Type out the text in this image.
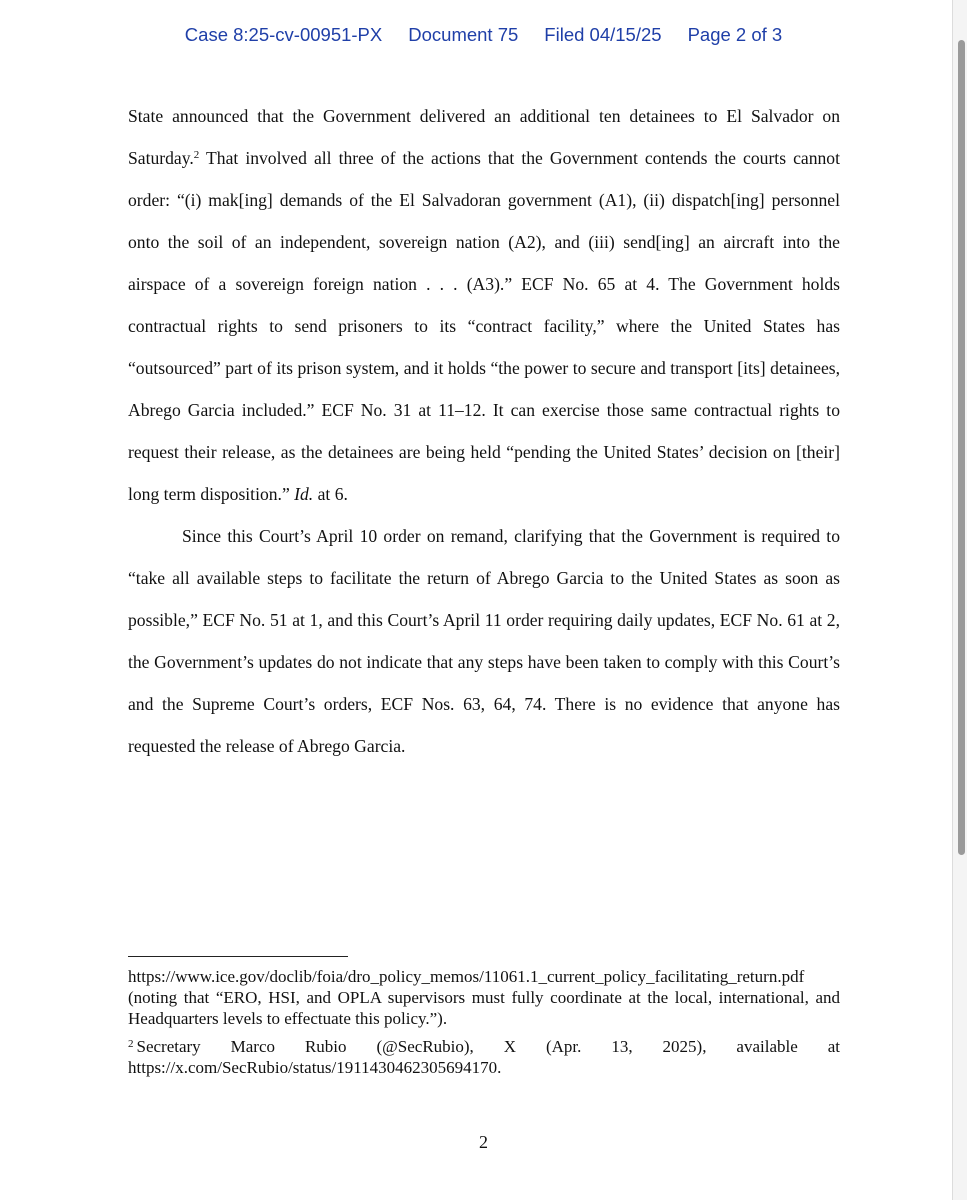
Case 8:25-cv-00951-PX Document 75 Filed 04/15/25 Page 2 of 3

State announced that the Government delivered an additional ten detainees to El Salvador on Saturday.$^2$ That involved all three of the actions that the Government contends the courts cannot order: “(i) mak[ing] demands of the El Salvadoran government (A1), (ii) dispatch[ing] personnel onto the soil of an independent, sovereign nation (A2), and (iii) send[ing] an aircraft into the airspace of a sovereign foreign nation . . . (A3).” ECF No. 65 at 4. The Government holds contractual rights to send prisoners to its “contract facility,” where the United States has “outsourced” part of its prison system, and it holds “the power to secure and transport [its] detainees, Abrego Garcia included.” ECF No. 31 at 11–12. It can exercise those same contractual rights to request their release, as the detainees are being held “pending the United States’ decision on [their] long term disposition.” Id. at 6.

Since this Court’s April 10 order on remand, clarifying that the Government is required to “take all available steps to facilitate the return of Abrego Garcia to the United States as soon as possible,” ECF No. 51 at 1, and this Court’s April 11 order requiring daily updates, ECF No. 61 at 2, the Government’s updates do not indicate that any steps have been taken to comply with this Court’s and the Supreme Court’s orders, ECF Nos. 63, 64, 74. There is no evidence that anyone has requested the release of Abrego Garcia.

https://www.ice.gov/doclib/foia/dro_policy_memos/11061.1_current_policy_facilitating_return.pdf (noting that “ERO, HSI, and OPLA supervisors must fully coordinate at the local, international, and Headquarters levels to effectuate this policy.”).

$^2$ Secretary Marco Rubio (@SecRubio), X (Apr. 13, 2025), available at https://x.com/SecRubio/status/1911430462305694170.

2
